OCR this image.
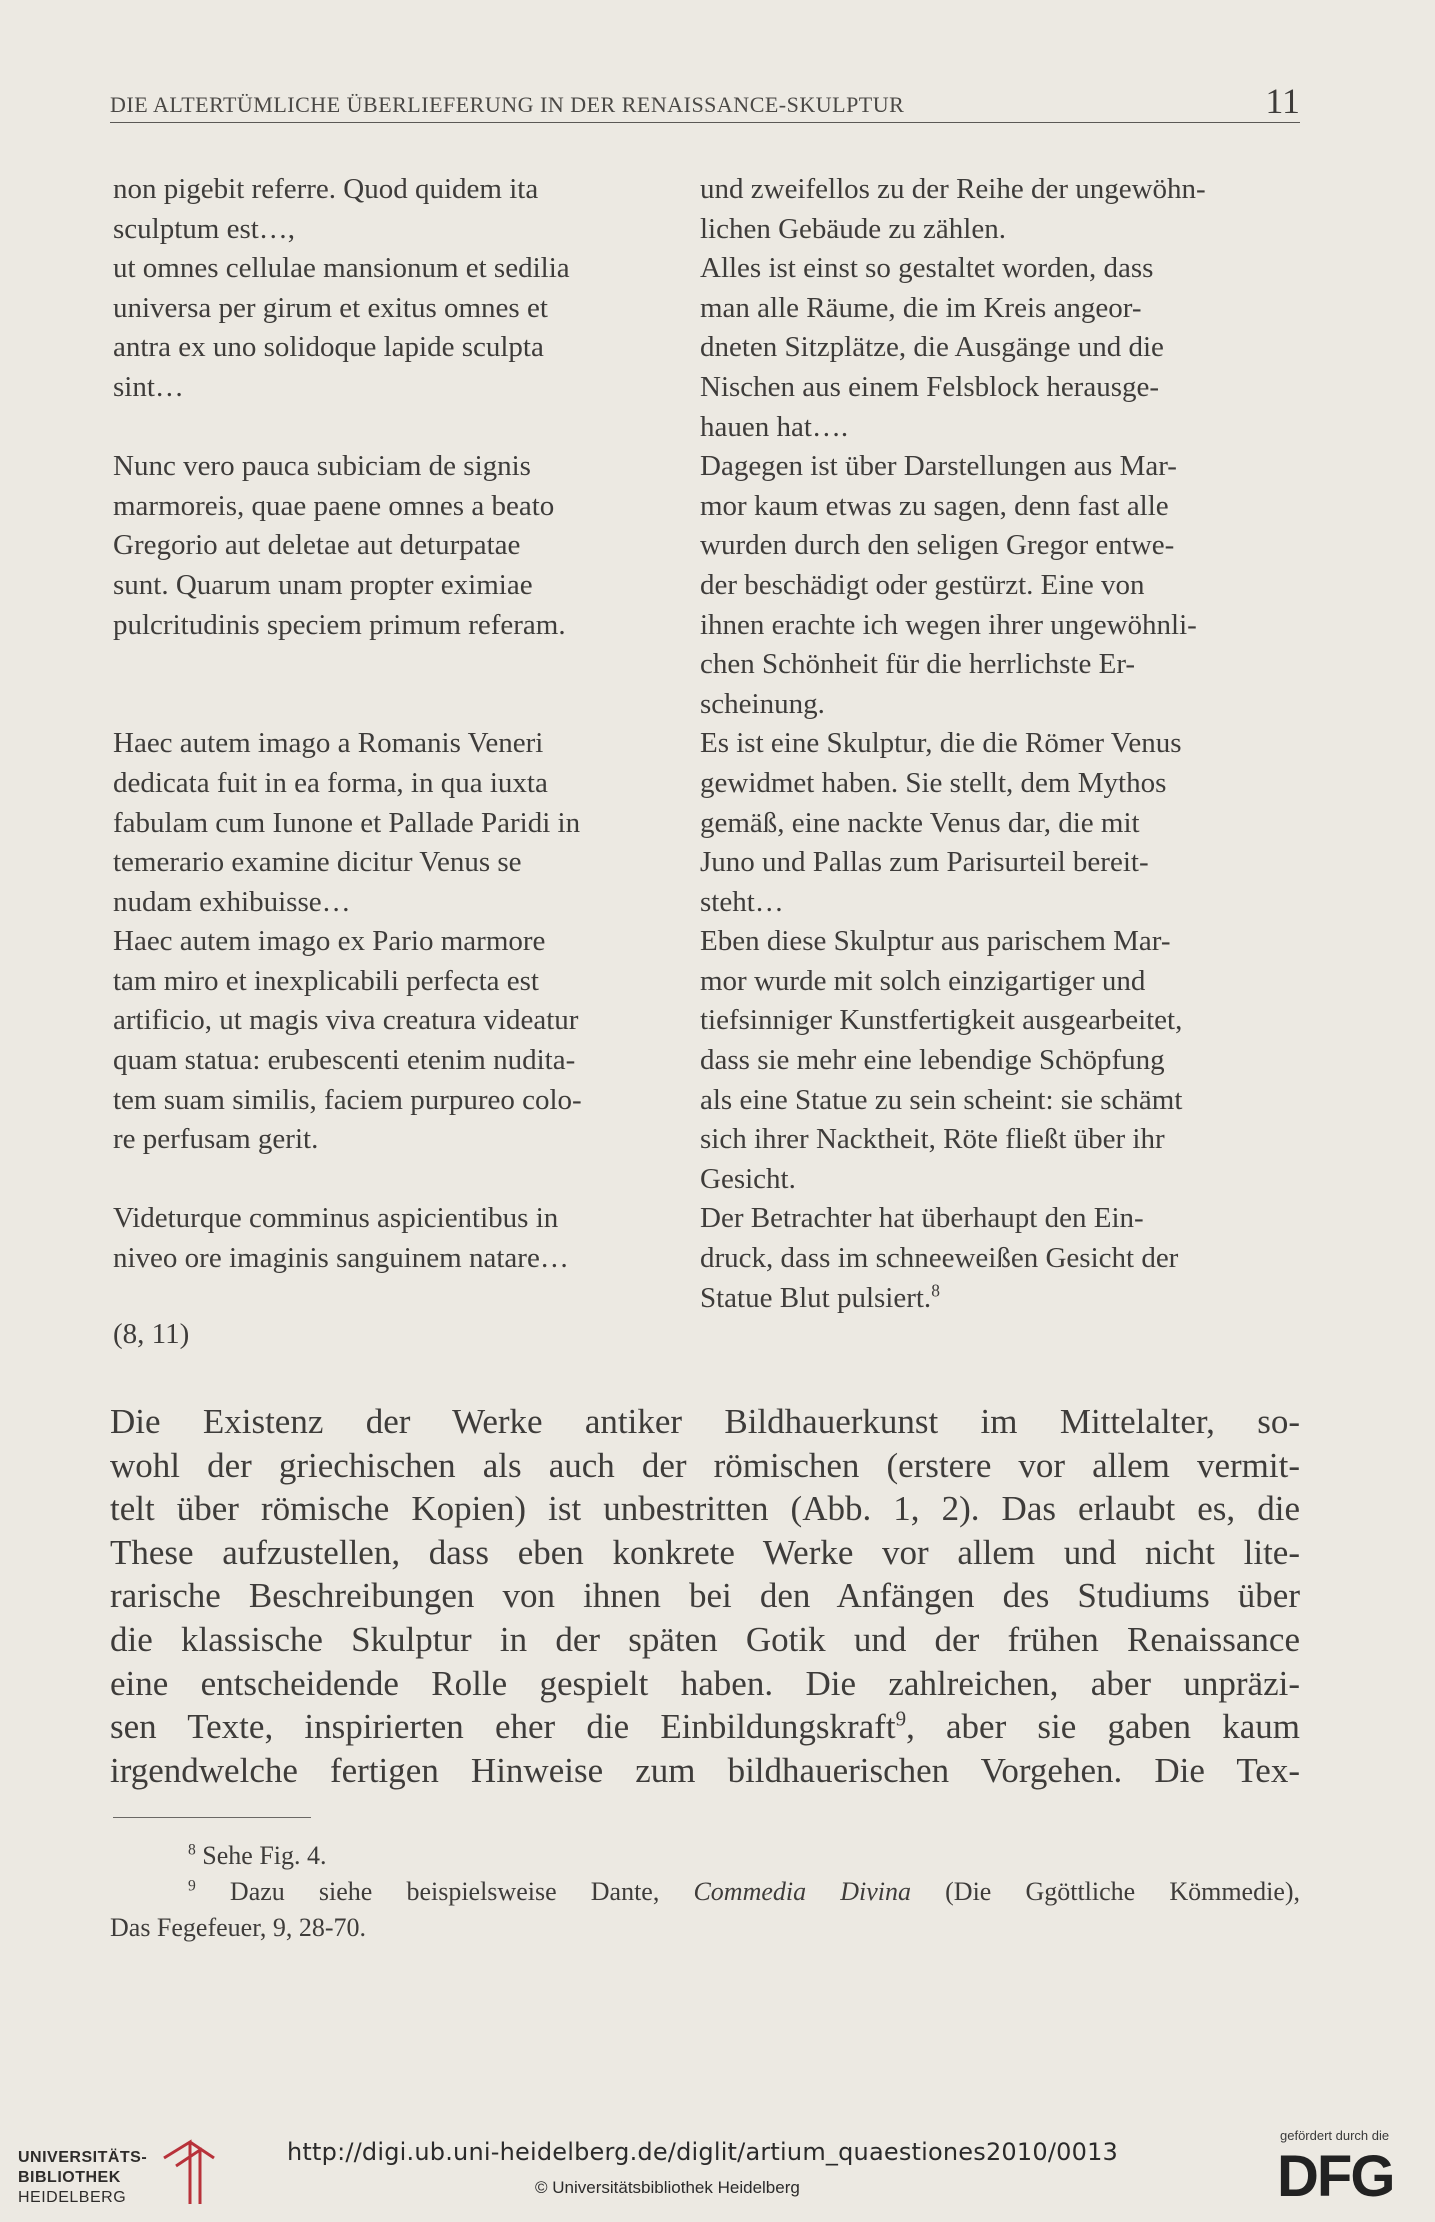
DIE ALTERTÜMLICHE ÜBERLIEFERUNG IN DER RENAISSANCE-SKULPTUR	11

non pigebit referre. Quod quidem ita

sculptum est…,

ut omnes cellulae mansionum et sedilia

universa per girum et exitus omnes et

antra ex uno solidoque lapide sculpta

sint…

Nunc vero pauca subiciam de signis

marmoreis, quae paene omnes a beato

Gregorio aut deletae aut deturpatae

sunt. Quarum unam propter eximiae

pulcritudinis speciem primum referam.

Haec autem imago a Romanis Veneri

dedicata fuit in ea forma, in qua iuxta

fabulam cum Iunone et Pallade Paridi in

temerario examine dicitur Venus se

nudam exhibuisse…

Haec autem imago ex Pario marmore

tam miro et inexplicabili perfecta est

artificio, ut magis viva creatura videatur

quam statua: erubescenti etenim nudita-

tem suam similis, faciem purpureo colo-

re perfusam gerit.

Videturque comminus aspicientibus in

niveo ore imaginis sanguinem natare…

(8, 11)

und zweifellos zu der Reihe der ungewöhn-

lichen Gebäude zu zählen.

Alles ist einst so gestaltet worden, dass

man alle Räume, die im Kreis angeor-

dneten Sitzplätze, die Ausgänge und die

Nischen aus einem Felsblock herausge-

hauen hat….

Dagegen ist über Darstellungen aus Mar-

mor kaum etwas zu sagen, denn fast alle

wurden durch den seligen Gregor entwe-

der beschädigt oder gestürzt. Eine von

ihnen erachte ich wegen ihrer ungewöhnli-

chen Schönheit für die herrlichste Er-

scheinung.

Es ist eine Skulptur, die die Römer Venus

gewidmet haben. Sie stellt, dem Mythos

gemäß, eine nackte Venus dar, die mit

Juno und Pallas zum Parisurteil bereit-

steht…

Eben diese Skulptur aus parischem Mar-

mor wurde mit solch einzigartiger und

tiefsinniger Kunstfertigkeit ausgearbeitet,

dass sie mehr eine lebendige Schöpfung

als eine Statue zu sein scheint: sie schämt

sich ihrer Nacktheit, Röte fließt über ihr

Gesicht.

Der Betrachter hat überhaupt den Ein-

druck, dass im schneeweißen Gesicht der

Statue Blut pulsiert.$^8$

Die Existenz der Werke antiker Bildhauerkunst im Mittelalter, so-
wohl der griechischen als auch der römischen (erstere vor allem vermit-
telt über römische Kopien) ist unbestritten (Abb. 1, 2). Das erlaubt es, die
These aufzustellen, dass eben konkrete Werke vor allem und nicht lite-
rarische Beschreibungen von ihnen bei den Anfängen des Studiums über
die klassische Skulptur in der späten Gotik und der frühen Renaissance
eine entscheidende Rolle gespielt haben. Die zahlreichen, aber unpräzi-
sen Texte, inspirierten eher die Einbildungskraft$^9$, aber sie gaben kaum
irgendwelche fertigen Hinweise zum bildhauerischen Vorgehen. Die Tex-

$^8$ Sehe Fig. 4.

$^9$ Dazu siehe beispielsweise Dante, Commedia Divina (Die Ggöttliche Kömmedie),

Das Fegefeuer, 9, 28-70.

UNIVERSITÄTS-
BIBLIOTHEK
HEIDELBERG
http://digi.ub.uni-heidelberg.de/diglit/artium_quaestiones2010/0013
© Universitätsbibliothek Heidelberg
gefördert durch die
DFG
